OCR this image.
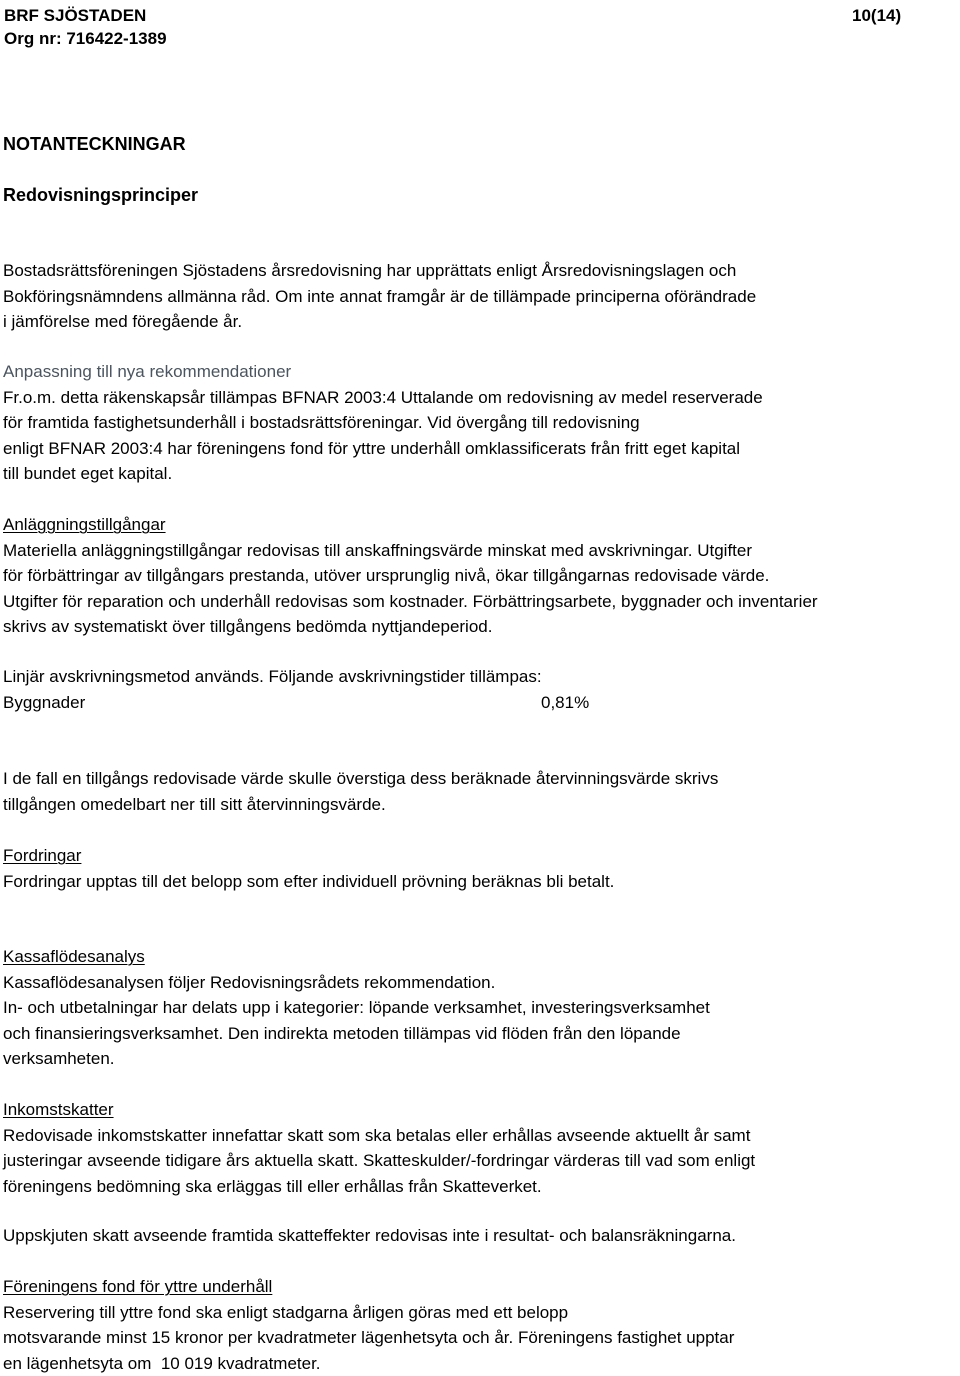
BRF SJÖSTADEN
Org nr: 716422-1389
10(14)
NOTANTECKNINGAR
Redovisningsprinciper
Bostadsrättsföreningen Sjöstadens årsredovisning har upprättats enligt Årsredovisningslagen och
Bokföringsnämndens allmänna råd. Om inte annat framgår är de tillämpade principerna oförändrade
i jämförelse med föregående år.
Anpassning till nya rekommendationer
Fr.o.m. detta räkenskapsår tillämpas BFNAR 2003:4 Uttalande om redovisning av medel reserverade
för framtida fastighetsunderhåll i bostadsrättsföreningar. Vid övergång till redovisning
enligt BFNAR 2003:4 har föreningens fond för yttre underhåll omklassificerats från fritt eget kapital
till bundet eget kapital.
Anläggningstillgångar
Materiella anläggningstillgångar redovisas till anskaffningsvärde minskat med avskrivningar. Utgifter
för förbättringar av tillgångars prestanda, utöver ursprunglig nivå, ökar tillgångarnas redovisade värde.
Utgifter för reparation och underhåll redovisas som kostnader. Förbättringsarbete, byggnader och inventarier
skrivs av systematiskt över tillgångens bedömda nyttjandeperiod.
Linjär avskrivningsmetod används. Följande avskrivningstider tillämpas:
Byggnader	0,81%
I de fall en tillgångs redovisade värde skulle överstiga dess beräknade återvinningsvärde skrivs
tillgången omedelbart ner till sitt återvinningsvärde.
Fordringar
Fordringar upptas till det belopp som efter individuell prövning beräknas bli betalt.
Kassaflödesanalys
Kassaflödesanalysen följer Redovisningsrådets rekommendation.
In- och utbetalningar har delats upp i kategorier: löpande verksamhet, investeringsverksamhet
och finansieringsverksamhet. Den indirekta metoden tillämpas vid flöden från den löpande
verksamheten.
Inkomstskatter
Redovisade inkomstskatter innefattar skatt som ska betalas eller erhållas avseende aktuellt år samt
justeringar avseende tidigare års aktuella skatt. Skatteskulder/-fordringar värderas till vad som enligt
föreningens bedömning ska erläggas till eller erhållas från Skatteverket.
Uppskjuten skatt avseende framtida skatteffekter redovisas inte i resultat- och balansräkningarna.
Föreningens fond för yttre underhåll
Reservering till yttre fond ska enligt stadgarna årligen göras med ett belopp
motsvarande minst 15 kronor per kvadratmeter lägenhetsyta och år. Föreningens fastighet upptar
en lägenhetsyta om  10 019 kvadratmeter.
